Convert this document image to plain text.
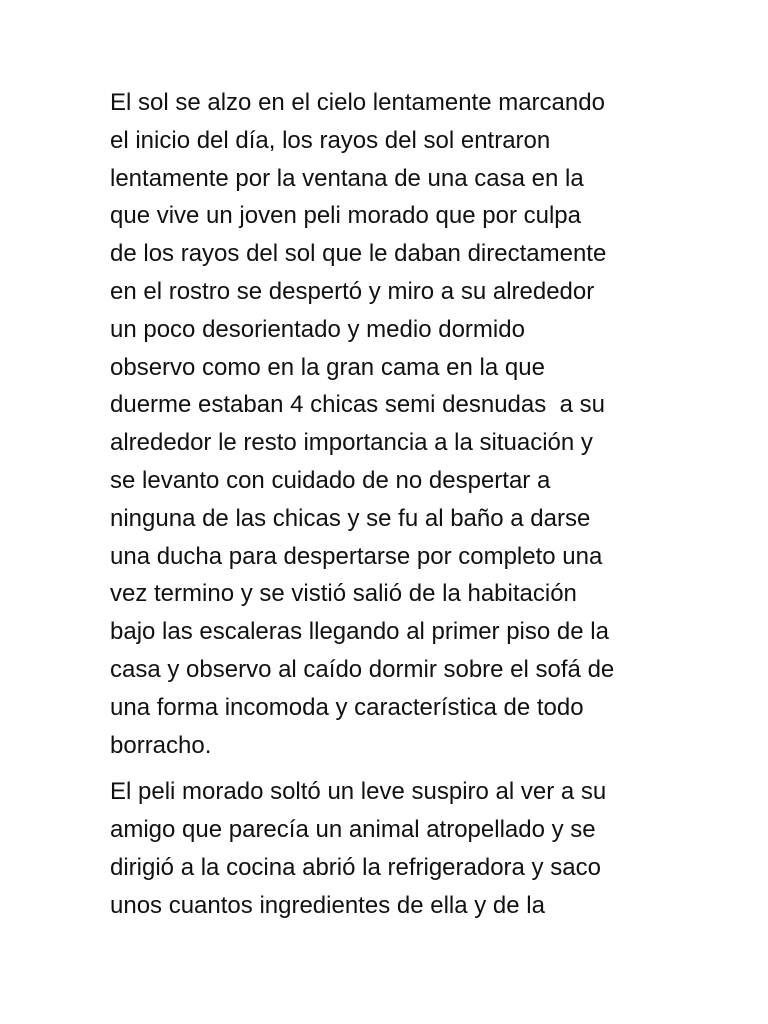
El sol se alzo en el cielo lentamente marcando
el inicio del día, los rayos del sol entraron
lentamente por la ventana de una casa en la
que vive un joven peli morado que por culpa
de los rayos del sol que le daban directamente
en el rostro se despertó y miro a su alrededor
un poco desorientado y medio dormido
observo como en la gran cama en la que
duerme estaban 4 chicas semi desnudas  a su
alrededor le resto importancia a la situación y
se levanto con cuidado de no despertar a
ninguna de las chicas y se fu al baño a darse
una ducha para despertarse por completo una
vez termino y se vistió salió de la habitación
bajo las escaleras llegando al primer piso de la
casa y observo al caído dormir sobre el sofá de
una forma incomoda y característica de todo
borracho.

El peli morado soltó un leve suspiro al ver a su
amigo que parecía un animal atropellado y se
dirigió a la cocina abrió la refrigeradora y saco
unos cuantos ingredientes de ella y de la
